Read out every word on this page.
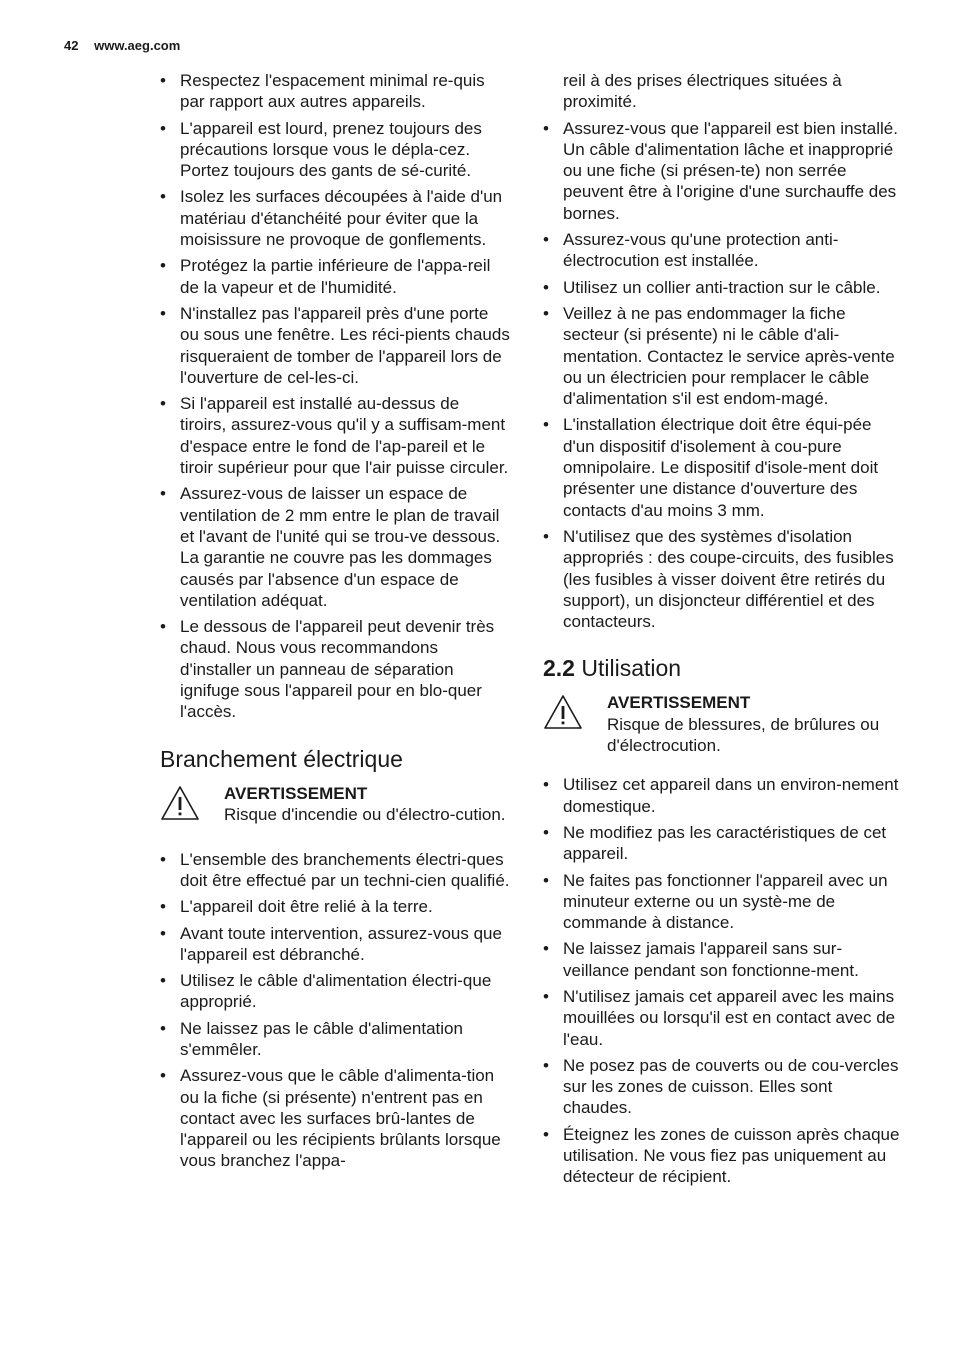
42 www.aeg.com
• Respectez l'espacement minimal re-quis par rapport aux autres appareils.
• L'appareil est lourd, prenez toujours des précautions lorsque vous le dépla-cez. Portez toujours des gants de sé-curité.
• Isolez les surfaces découpées à l'aide d'un matériau d'étanchéité pour éviter que la moisissure ne provoque de gonflements.
• Protégez la partie inférieure de l'appa-reil de la vapeur et de l'humidité.
• N'installez pas l'appareil près d'une porte ou sous une fenêtre. Les réci-pients chauds risqueraient de tomber de l'appareil lors de l'ouverture de cel-les-ci.
• Si l'appareil est installé au-dessus de tiroirs, assurez-vous qu'il y a suffisam-ment d'espace entre le fond de l'ap-pareil et le tiroir supérieur pour que l'air puisse circuler.
• Assurez-vous de laisser un espace de ventilation de 2 mm entre le plan de travail et l'avant de l'unité qui se trou-ve dessous. La garantie ne couvre pas les dommages causés par l'absence d'un espace de ventilation adéquat.
• Le dessous de l'appareil peut devenir très chaud. Nous vous recommandons d'installer un panneau de séparation ignifuge sous l'appareil pour en blo-quer l'accès.
Branchement électrique
AVERTISSEMENT
Risque d'incendie ou d'électro-cution.
• L'ensemble des branchements électri-ques doit être effectué par un techni-cien qualifié.
• L'appareil doit être relié à la terre.
• Avant toute intervention, assurez-vous que l'appareil est débranché.
• Utilisez le câble d'alimentation électri-que approprié.
• Ne laissez pas le câble d'alimentation s'emmêler.
• Assurez-vous que le câble d'alimenta-tion ou la fiche (si présente) n'entrent pas en contact avec les surfaces brû-lantes de l'appareil ou les récipients brûlants lorsque vous branchez l'appa-
reil à des prises électriques situées à proximité.
• Assurez-vous que l'appareil est bien installé. Un câble d'alimentation lâche et inapproprié ou une fiche (si présen-te) non serrée peuvent être à l'origine d'une surchauffe des bornes.
• Assurez-vous qu'une protection anti-électrocution est installée.
• Utilisez un collier anti-traction sur le câble.
• Veillez à ne pas endommager la fiche secteur (si présente) ni le câble d'ali-mentation. Contactez le service après-vente ou un électricien pour remplacer le câble d'alimentation s'il est endom-magé.
• L'installation électrique doit être équi-pée d'un dispositif d'isolement à cou-pure omnipolaire. Le dispositif d'isole-ment doit présenter une distance d'ouverture des contacts d'au moins 3 mm.
• N'utilisez que des systèmes d'isolation appropriés : des coupe-circuits, des fusibles (les fusibles à visser doivent être retirés du support), un disjoncteur différentiel et des contacteurs.
2.2 Utilisation
AVERTISSEMENT
Risque de blessures, de brûlures ou d'électrocution.
• Utilisez cet appareil dans un environ-nement domestique.
• Ne modifiez pas les caractéristiques de cet appareil.
• Ne faites pas fonctionner l'appareil avec un minuteur externe ou un systè-me de commande à distance.
• Ne laissez jamais l'appareil sans sur-veillance pendant son fonctionne-ment.
• N'utilisez jamais cet appareil avec les mains mouillées ou lorsqu'il est en contact avec de l'eau.
• Ne posez pas de couverts ou de cou-vercles sur les zones de cuisson. Elles sont chaudes.
• Éteignez les zones de cuisson après chaque utilisation. Ne vous fiez pas uniquement au détecteur de récipient.
